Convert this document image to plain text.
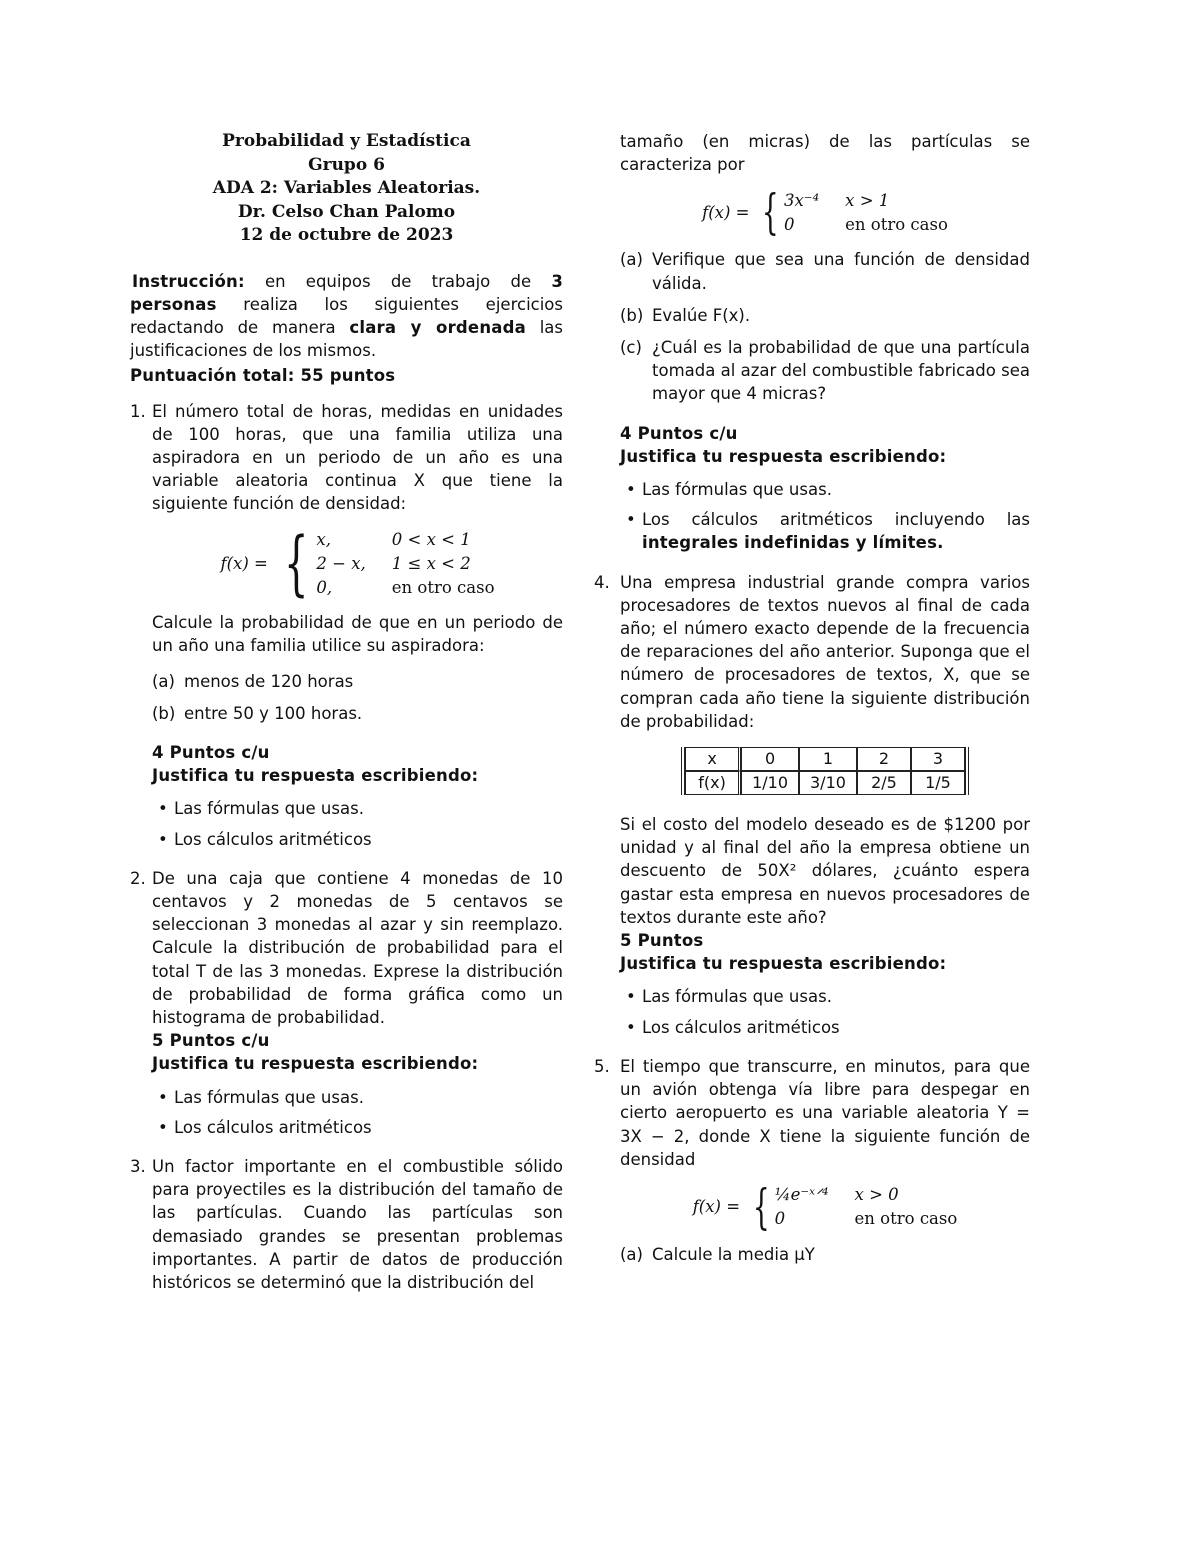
Probabilidad y Estadística
Grupo 6
ADA 2: Variables Aleatorias.
Dr. Celso Chan Palomo
12 de octubre de 2023

Instrucción: en equipos de trabajo de 3 personas realiza los siguientes ejercicios redactando de manera clara y ordenada las justificaciones de los mismos.

Puntuación total: 55 puntos

1. El número total de horas, medidas en unidades de 100 horas, que una familia utiliza una aspiradora en un periodo de un año es una variable aleatoria continua X que tiene la siguiente función de densidad:

f(x) = { x,	0 < x < 1
2 − x, 1 ≤ x < 2
0,	en otro caso

Calcule la probabilidad de que en un periodo de un año una familia utilice su aspiradora:

(a) menos de 120 horas
(b) entre 50 y 100 horas.

4 Puntos c/u

Justifica tu respuesta escribiendo:

• Las fórmulas que usas.
• Los cálculos aritméticos
2. De una caja que contiene 4 monedas de 10 centavos y 2 monedas de 5 centavos se seleccionan 3 monedas al azar y sin reemplazo. Calcule la distribución de probabilidad para el total T de las 3 monedas. Exprese la distribución de probabilidad de forma gráfica como un histograma de probabilidad.

5 Puntos c/u

Justifica tu respuesta escribiendo:

• Las fórmulas que usas.
• Los cálculos aritméticos
3. Un factor importante en el combustible sólido para proyectiles es la distribución del tamaño de las partículas. Cuando las partículas son demasiado grandes se presentan problemas importantes. A partir de datos de producción históricos se determinó que la distribución del

tamaño (en micras) de las partículas se caracteriza por

f(x) = { 3x⁻⁴ x > 1
0	en otro caso
(a) Verifique que sea una función de densidad válida.
(b) Evalúe F(x).
(c) ¿Cuál es la probabilidad de que una partícula tomada al azar del combustible fabricado sea mayor que 4 micras?

4 Puntos c/u

Justifica tu respuesta escribiendo:

• Las fórmulas que usas.
• Los cálculos aritméticos incluyendo las integrales indefinidas y límites.
4. Una empresa industrial grande compra varios procesadores de textos nuevos al final de cada año; el número exacto depende de la frecuencia de reparaciones del año anterior. Suponga que el número de procesadores de textos, X, que se compran cada año tiene la siguiente distribución de probabilidad:

x	0	1	2	3
f(x)	1/10	3/10	2/5	1/5

Si el costo del modelo deseado es de $1200 por unidad y al final del año la empresa obtiene un descuento de 50X² dólares, ¿cuánto espera gastar esta empresa en nuevos procesadores de textos durante este año?

5 Puntos

Justifica tu respuesta escribiendo:

• Las fórmulas que usas.
• Los cálculos aritméticos
5. El tiempo que transcurre, en minutos, para que un avión obtenga vía libre para despegar en cierto aeropuerto es una variable aleatoria Y = 3X − 2, donde X tiene la siguiente función de densidad

f(x) = { ¼e⁻ˣᐟ⁴ x > 0
0	en otro caso
(a) Calcule la media μY
